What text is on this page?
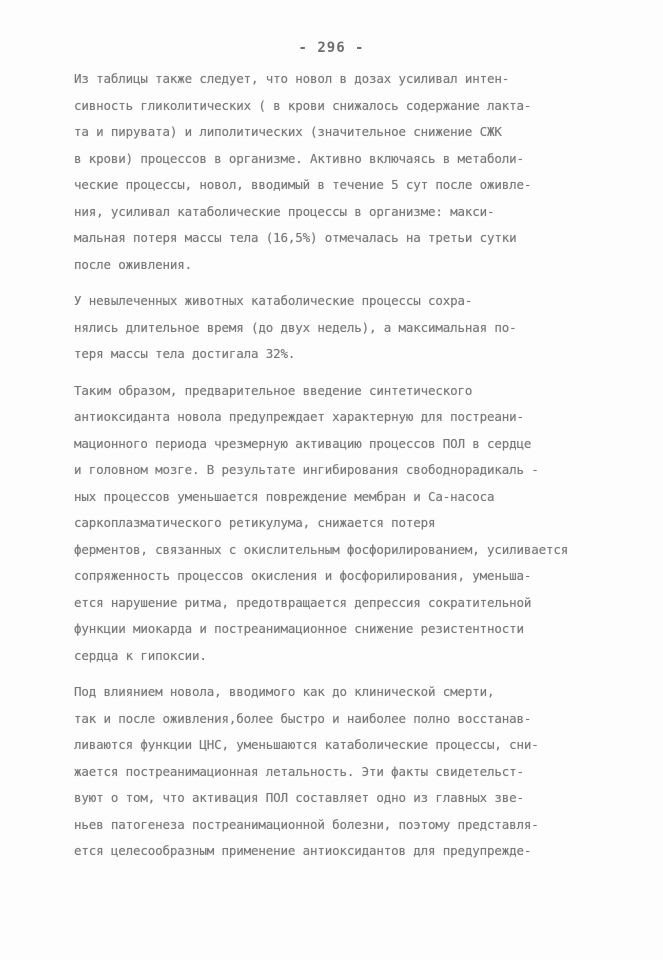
- 296 -
Из таблицы также следует, что новол в дозах усиливал интен-
сивность гликолитических ( в крови снижалось содержание лакта-
та и пирувата) и липолитических (значительное снижение СЖК
в крови) процессов в организме. Активно включаясь в метаболи-
ческие процессы, новол, вводимый в течение 5 сут после оживле-
ния, усиливал катаболические процессы в организме: макси-
мальная потеря массы тела (16,5%) отмечалась на третьи сутки
после оживления.
У невылеченных животных катаболические процессы сохра-
нялись длительное время (до двух недель), а максимальная по-
теря массы тела достигала 32%.
Таким образом, предварительное введение синтетического
антиоксиданта новола предупреждает характерную для постреани-
мационного периода чрезмерную активацию процессов ПОЛ в сердце
и головном мозге. В результате ингибирования свободнорадикаль -
ных процессов уменьшается повреждение мембран и Са-насоса
саркоплазматического ретикулума, снижается потеря
ферментов, связанных с окислительным фосфорилированием, усиливается
сопряженность процессов окисления и фосфорилирования, уменьша-
ется нарушение ритма, предотвращается депрессия сократительной
функции миокарда и постреанимационное снижение резистентности
сердца к гипоксии.
Под влиянием новола, вводимого как до клинической смерти,
так и после оживления,более быстро и наиболее полно восстанав-
ливаются функции ЦНС, уменьшаются катаболические процессы, сни-
жается постреанимационная летальность. Эти факты свидетельст-
вуют о том, что активация ПОЛ составляет одно из главных зве-
ньев патогенеза постреанимационной болезни, поэтому представля-
ется целесообразным применение антиоксидантов для предупрежде-
